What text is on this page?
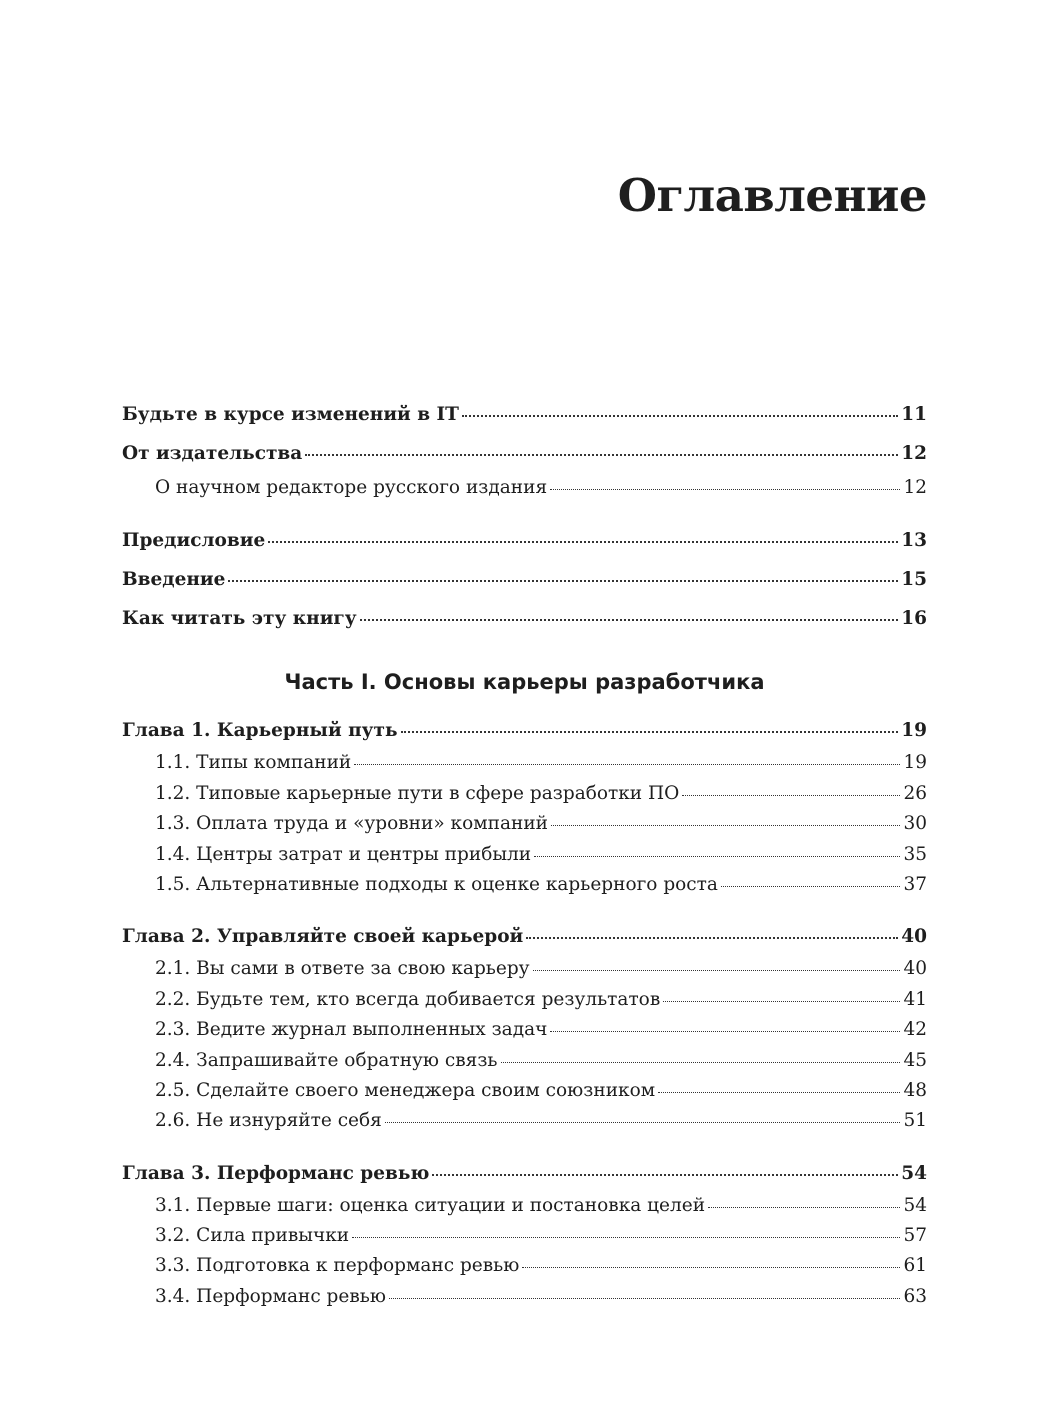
Оглавление
Будьте в курсе изменений в IT	11
От издательства	12
О научном редакторе русского издания	12
Предисловие	13
Введение	15
Как читать эту книгу	16
Часть I. Основы карьеры разработчика
Глава 1. Карьерный путь	19
1.1. Типы компаний	19
1.2. Типовые карьерные пути в сфере разработки ПО	26
1.3. Оплата труда и «уровни» компаний	30
1.4. Центры затрат и центры прибыли	35
1.5. Альтернативные подходы к оценке карьерного роста	37
Глава 2. Управляйте своей карьерой	40
2.1. Вы сами в ответе за свою карьеру	40
2.2. Будьте тем, кто всегда добивается результатов	41
2.3. Ведите журнал выполненных задач	42
2.4. Запрашивайте обратную связь	45
2.5. Сделайте своего менеджера своим союзником	48
2.6. Не изнуряйте себя	51
Глава 3. Перформанс ревью	54
3.1. Первые шаги: оценка ситуации и постановка целей	54
3.2. Сила привычки	57
3.3. Подготовка к перформанс ревью	61
3.4. Перформанс ревью	63
